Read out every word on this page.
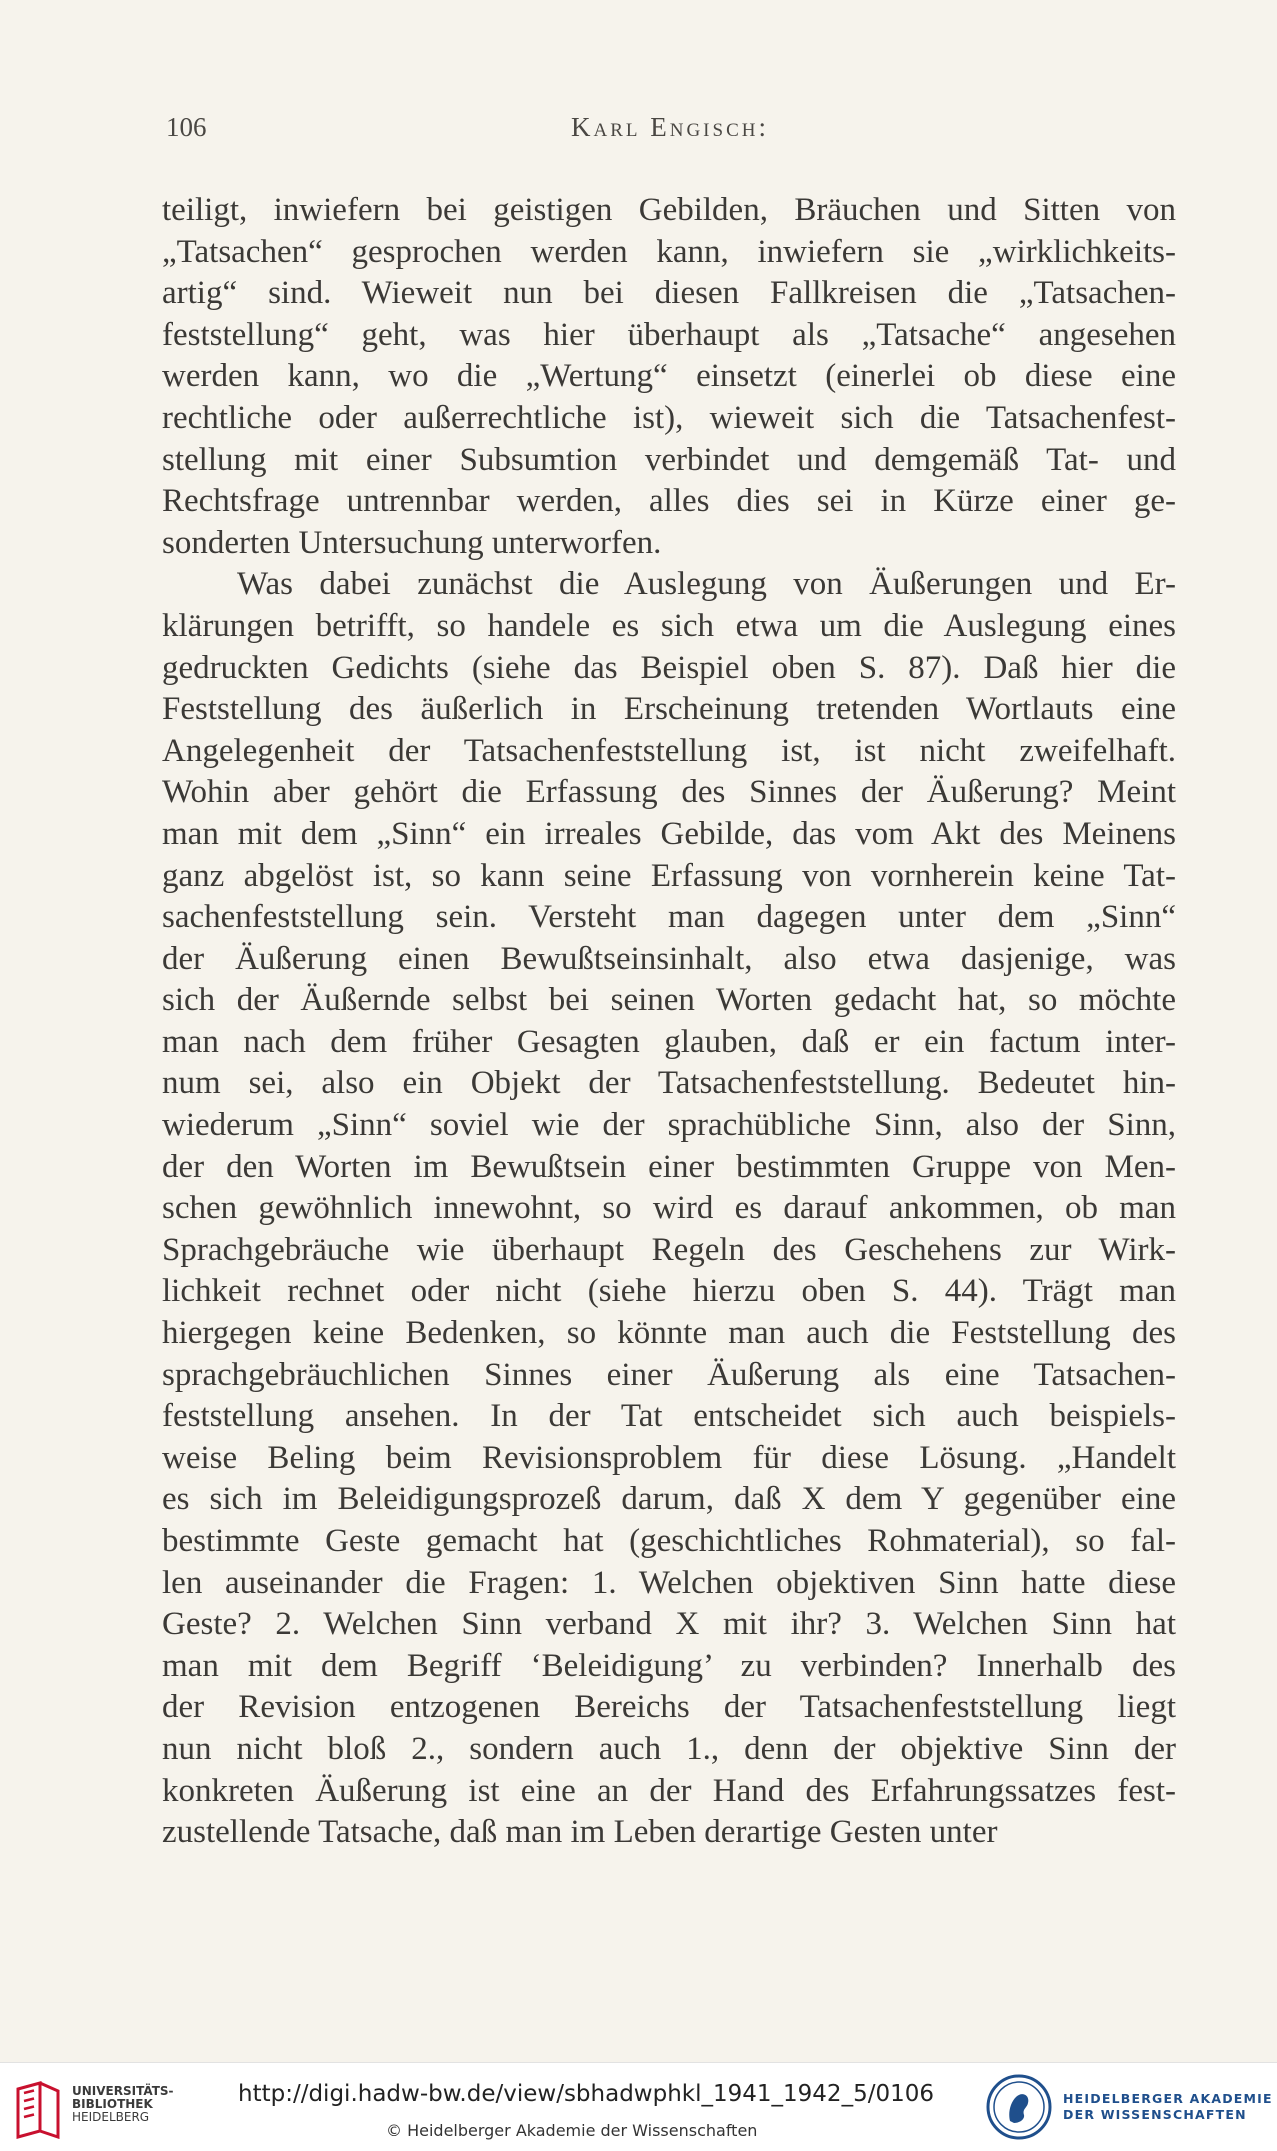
106	Karl Engisch:
teiligt, inwiefern bei geistigen Gebilden, Bräuchen und Sitten von
„Tatsachen“ gesprochen werden kann, inwiefern sie „wirklichkeits-
artig“ sind. Wieweit nun bei diesen Fallkreisen die „Tatsachen-
feststellung“ geht, was hier überhaupt als „Tatsache“ angesehen
werden kann, wo die „Wertung“ einsetzt (einerlei ob diese eine
rechtliche oder außerrechtliche ist), wieweit sich die Tatsachenfest-
stellung mit einer Subsumtion verbindet und demgemäß Tat- und
Rechtsfrage untrennbar werden, alles dies sei in Kürze einer ge-
sonderten Untersuchung unterworfen.
Was dabei zunächst die Auslegung von Äußerungen und Er-
klärungen betrifft, so handele es sich etwa um die Auslegung eines
gedruckten Gedichts (siehe das Beispiel oben S. 87). Daß hier die
Feststellung des äußerlich in Erscheinung tretenden Wortlauts eine
Angelegenheit der Tatsachenfeststellung ist, ist nicht zweifelhaft.
Wohin aber gehört die Erfassung des Sinnes der Äußerung? Meint
man mit dem „Sinn“ ein irreales Gebilde, das vom Akt des Meinens
ganz abgelöst ist, so kann seine Erfassung von vornherein keine Tat-
sachenfeststellung sein. Versteht man dagegen unter dem „Sinn“
der Äußerung einen Bewußtseinsinhalt, also etwa dasjenige, was
sich der Äußernde selbst bei seinen Worten gedacht hat, so möchte
man nach dem früher Gesagten glauben, daß er ein factum inter-
num sei, also ein Objekt der Tatsachenfeststellung. Bedeutet hin-
wiederum „Sinn“ soviel wie der sprachübliche Sinn, also der Sinn,
der den Worten im Bewußtsein einer bestimmten Gruppe von Men-
schen gewöhnlich innewohnt, so wird es darauf ankommen, ob man
Sprachgebräuche wie überhaupt Regeln des Geschehens zur Wirk-
lichkeit rechnet oder nicht (siehe hierzu oben S. 44). Trägt man
hiergegen keine Bedenken, so könnte man auch die Feststellung des
sprachgebräuchlichen Sinnes einer Äußerung als eine Tatsachen-
feststellung ansehen. In der Tat entscheidet sich auch beispiels-
weise Beling beim Revisionsproblem für diese Lösung. „Handelt
es sich im Beleidigungsprozeß darum, daß X dem Y gegenüber eine
bestimmte Geste gemacht hat (geschichtliches Rohmaterial), so fal-
len auseinander die Fragen: 1. Welchen objektiven Sinn hatte diese
Geste? 2. Welchen Sinn verband X mit ihr? 3. Welchen Sinn hat
man mit dem Begriff ‘Beleidigung’ zu verbinden? Innerhalb des
der Revision entzogenen Bereichs der Tatsachenfeststellung liegt
nun nicht bloß 2., sondern auch 1., denn der objektive Sinn der
konkreten Äußerung ist eine an der Hand des Erfahrungssatzes fest-
zustellende Tatsache, daß man im Leben derartige Gesten unter
UNIVERSITÄTS-
BIBLIOTHEK
HEIDELBERG
http://digi.hadw-bw.de/view/sbhadwphkl_1941_1942_5/0106
© Heidelberger Akademie der Wissenschaften
HEIDELBERGER AKADEMIE
DER WISSENSCHAFTEN
